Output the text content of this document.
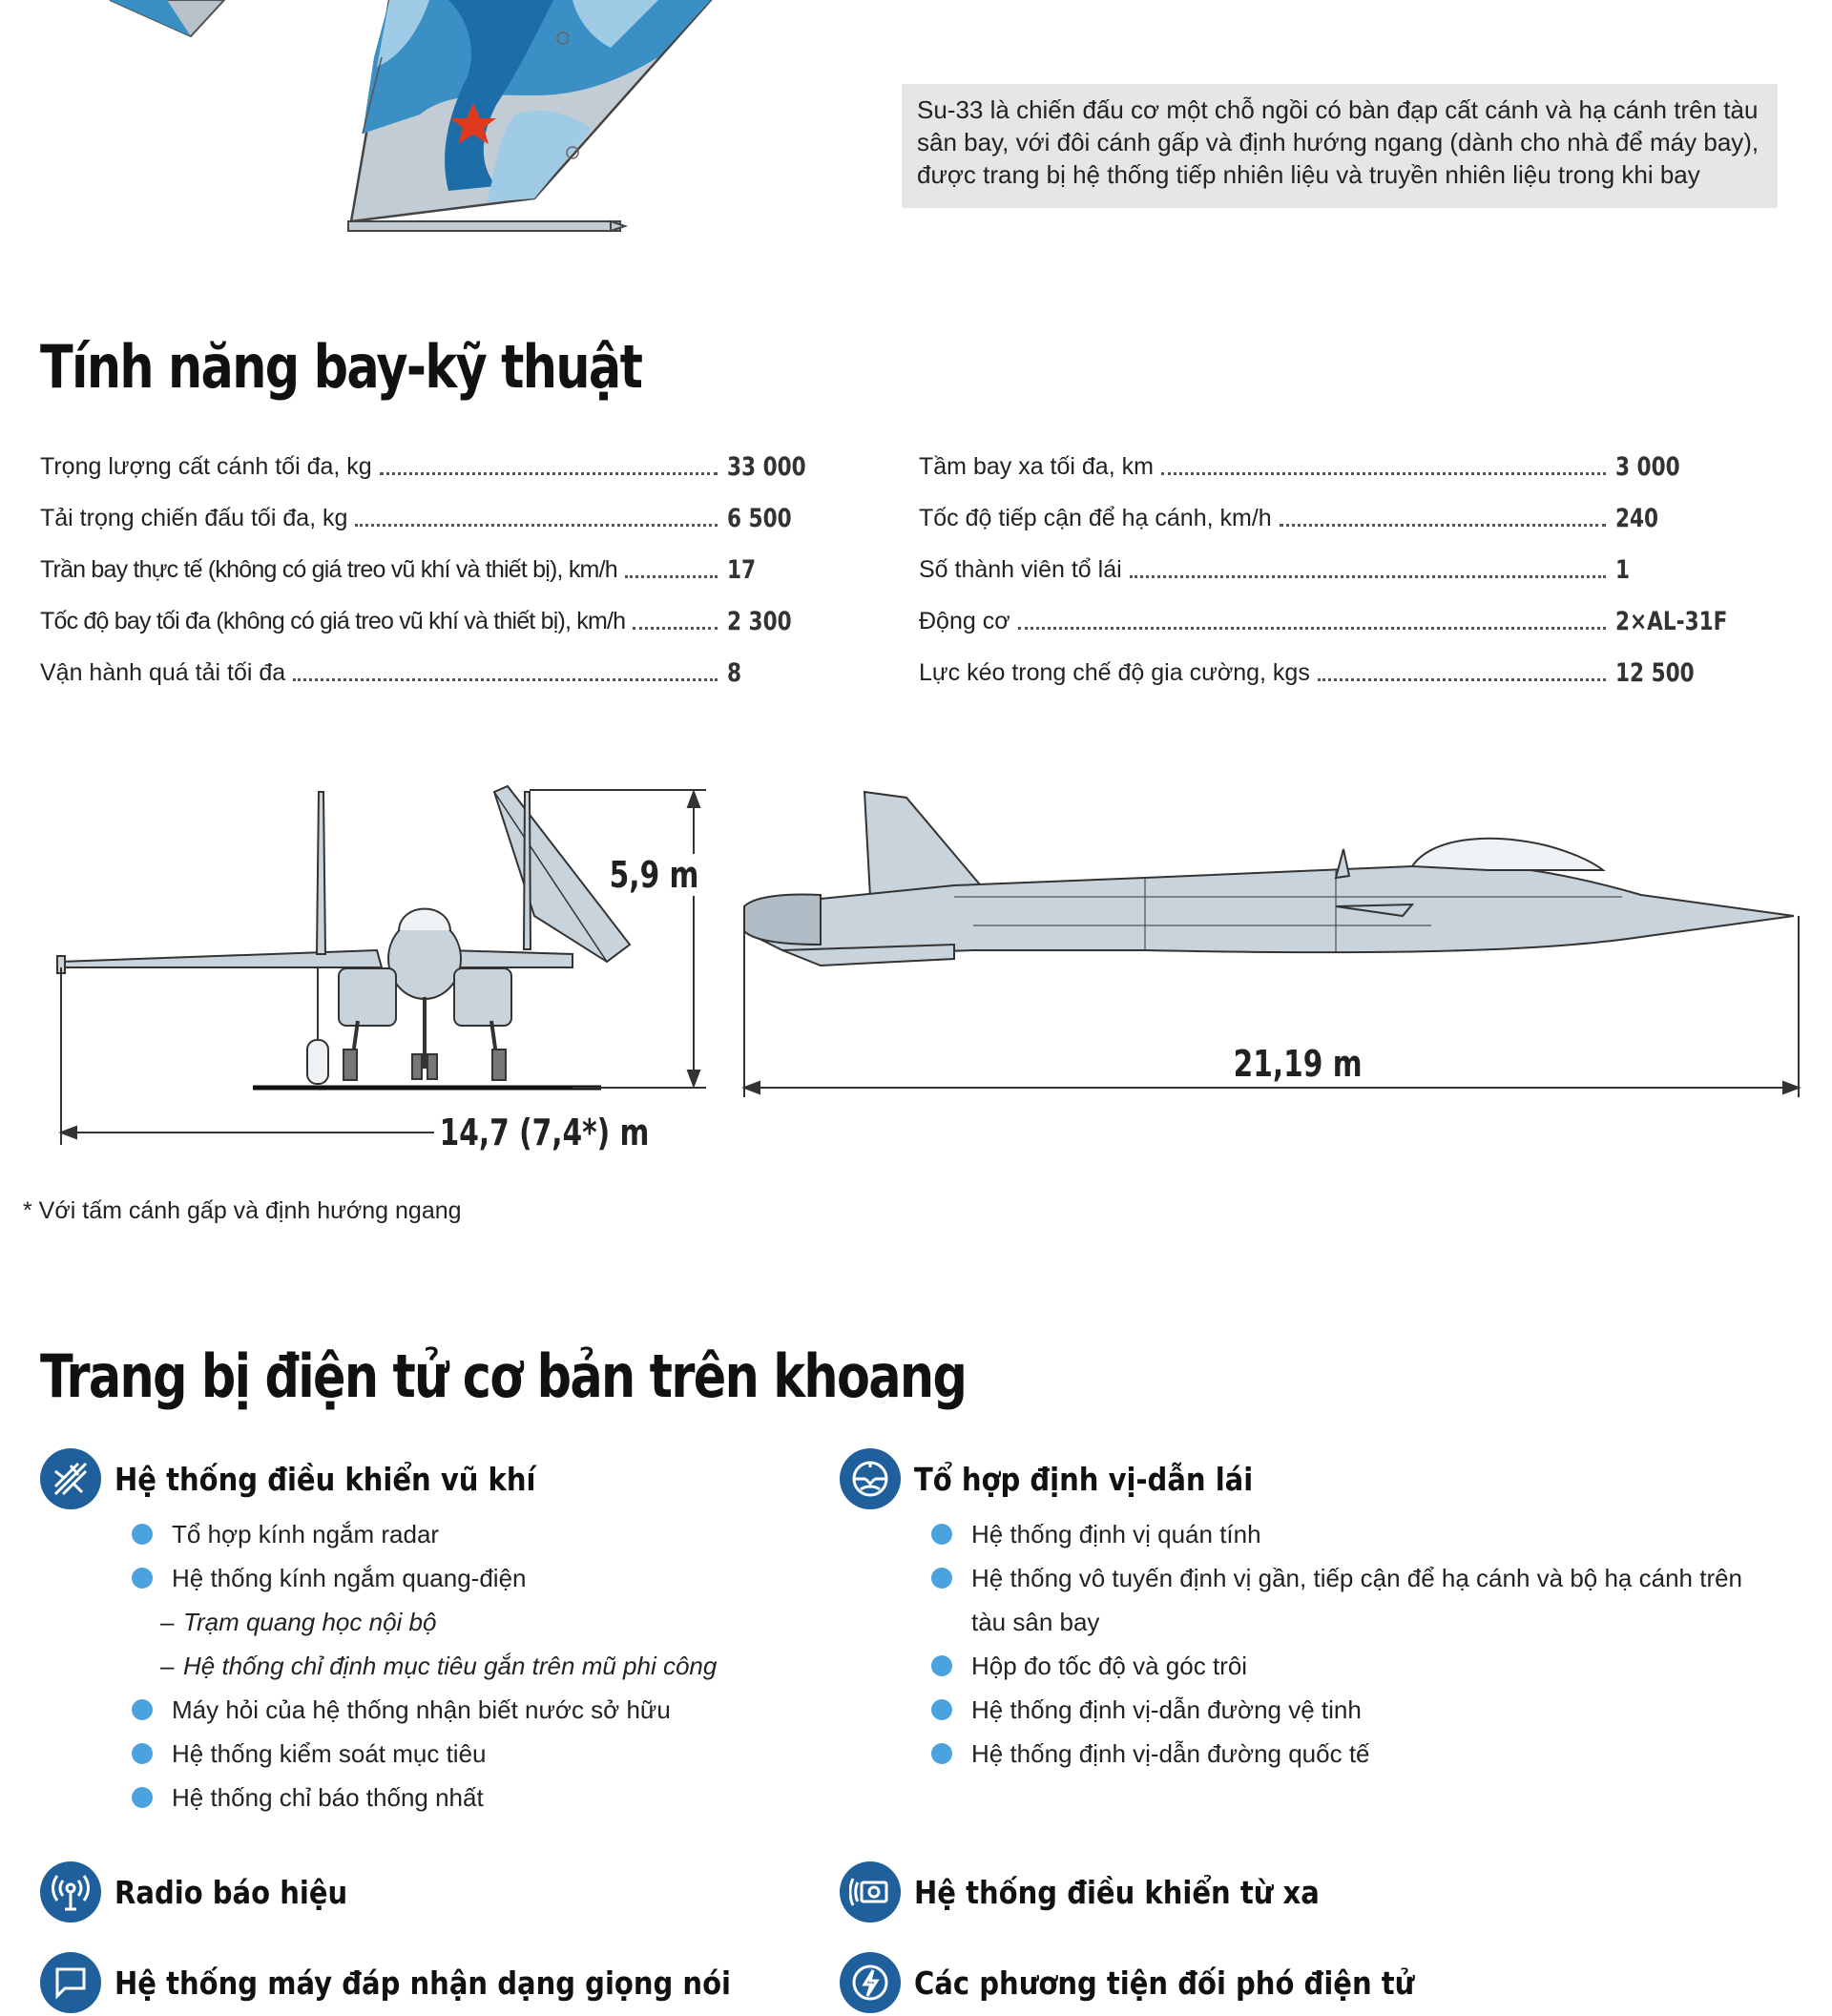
Su-33 là chiến đấu cơ một chỗ ngồi có bàn đạp cất cánh và hạ cánh trên tàu sân bay, với đôi cánh gấp và định hướng ngang (dành cho nhà để máy bay), được trang bị hệ thống tiếp nhiên liệu và truyền nhiên liệu trong khi bay
Tính năng bay-kỹ thuật
Trọng lượng cất cánh tối đa, kg	33 000
Tải trọng chiến đấu tối đa, kg	6 500
Trần bay thực tế (không có giá treo vũ khí và thiết bị), km/h	17
Tốc độ bay tối đa (không có giá treo vũ khí và thiết bị), km/h	2 300
Vận hành quá tải tối đa	8
Tầm bay xa tối đa, km	3 000
Tốc độ tiếp cận để hạ cánh, km/h	240
Số thành viên tổ lái	1
Động cơ	2×AL-31F
Lực kéo trong chế độ gia cường, kgs	12 500
5,9 m
14,7 (7,4*) m
21,19 m
* Với tấm cánh gấp và định hướng ngang
Trang bị điện tử cơ bản trên khoang
Hệ thống điều khiển vũ khí
Tổ hợp kính ngắm radar
Hệ thống kính ngắm quang-điện
– Trạm quang học nội bộ
– Hệ thống chỉ định mục tiêu gắn trên mũ phi công
Máy hỏi của hệ thống nhận biết nước sở hữu
Hệ thống kiểm soát mục tiêu
Hệ thống chỉ báo thống nhất
Tổ hợp định vị-dẫn lái
Hệ thống định vị quán tính
Hệ thống vô tuyến định vị gần, tiếp cận để hạ cánh và bộ hạ cánh trên tàu sân bay
Hộp đo tốc độ và góc trôi
Hệ thống định vị-dẫn đường vệ tinh
Hệ thống định vị-dẫn đường quốc tế
Radio báo hiệu	Hệ thống điều khiển từ xa
Hệ thống máy đáp nhận dạng giọng nói	Các phương tiện đối phó điện tử
